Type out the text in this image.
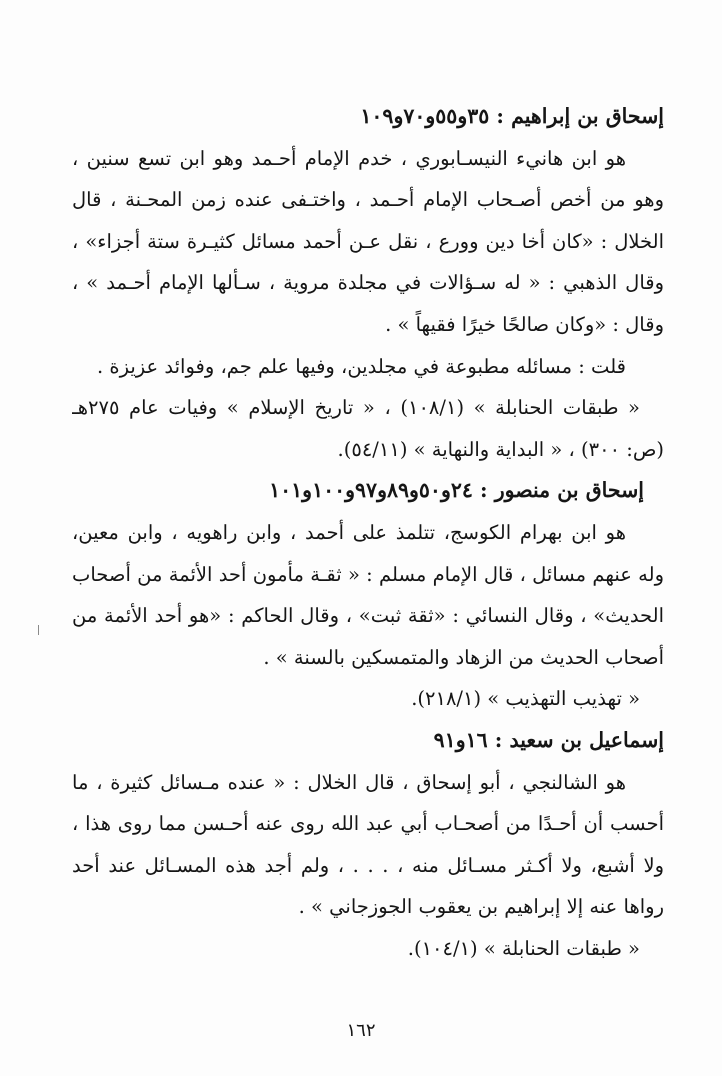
إسحاق بن إبراهيم : ٣٥و٥٥و٧٠و١٠٩
هو ابن هانيء النيسـابوري ، خدم الإمام أحـمد وهو ابن تسع سنين ،
وهو من أخص أصـحاب الإمام أحـمد ، واختـفى عنده زمن المحـنة ، قال
الخلال : «كان أخا دين وورع ، نقل عـن أحمد مسائل كثيـرة ستة أجزاء» ،
وقال الذهبي : « له سـؤالات في مجلدة مروية ، سـألها الإمام أحـمد » ،
وقال : «وكان صالحًا خيرًا فقيهاً » .
قلت : مسائله مطبوعة في مجلدين، وفيها علم جم، وفوائد عزيزة .
« طبقات الحنابلة » (١٠٨/١) ، « تاريخ الإسلام » وفيات عام ٢٧٥هـ
(ص: ٣٠٠) ، « البداية والنهاية » (٥٤/١١).
إسحاق بن منصور : ٢٤و٥٠و٨٩و٩٧و١٠٠و١٠١
هو ابن بهرام الكوسج، تتلمذ على أحمد ، وابن راهويه ، وابن معين،
وله عنهم مسائل ، قال الإمام مسلم : « ثقـة مأمون أحد الأئمة من أصحاب
الحديث» ، وقال النسائي : «ثقة ثبت» ، وقال الحاكم : «هو أحد الأئمة من
أصحاب الحديث من الزهاد والمتمسكين بالسنة » .
« تهذيب التهذيب » (٢١٨/١).
إسماعيل بن سعيد : ١٦و٩١
هو الشالنجي ، أبو إسحاق ، قال الخلال : « عنده مـسائل كثيرة ، ما
أحسب أن أحـدًا من أصحـاب أبي عبد الله روى عنه أحـسن مما روى هذا ،
ولا أشبع، ولا أكـثر مسـائل منه ، . . . ، ولم أجد هذه المسـائل عند أحد
رواها عنه إلا إبراهيم بن يعقوب الجوزجاني » .
« طبقات الحنابلة » (١٠٤/١).
١٦٢
